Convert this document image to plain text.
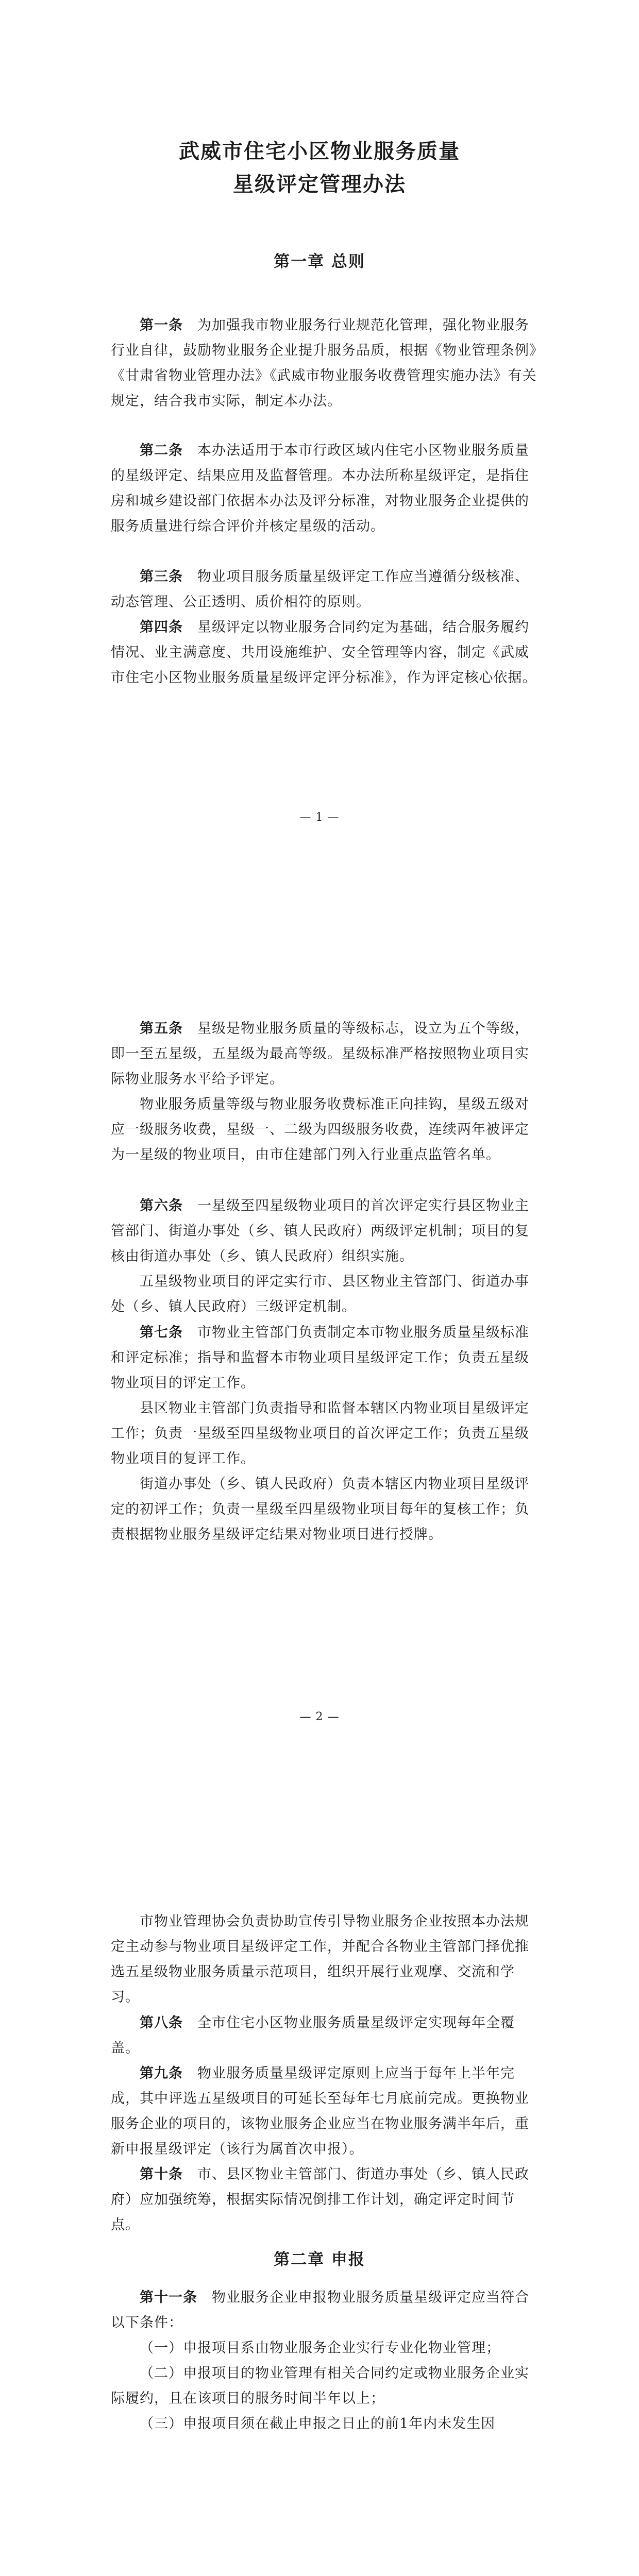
武威市住宅小区物业服务质量
星级评定管理办法
第一章 总则

第一条　 为加强我市物业服务行业规范化管理，强化物业服务行业自律，鼓励物业服务企业提升服务品质，根据《物业管理条例》《甘肃省物业管理办法》《武威市物业服务收费管理实施办法》有关规定，结合我市实际，制定本办法。

第二条　 本办法适用于本市行政区域内住宅小区物业服务质量的星级评定、结果应用及监督管理。本办法所称星级评定，是指住房和城乡建设部门依据本办法及评分标准，对物业服务企业提供的服务质量进行综合评价并核定星级的活动。

第三条　 物业项目服务质量星级评定工作应当遵循分级核准、动态管理、公正透明、质价相符的原则。

第四条　 星级评定以物业服务合同约定为基础，结合服务履约情况、业主满意度、共用设施维护、安全管理等内容，制定《武威市住宅小区物业服务质量星级评定评分标准》，作为评定核心依据。

— 1 —

第五条　 星级是物业服务质量的等级标志，设立为五个等级，即一至五星级，五星级为最高等级。星级标准严格按照物业项目实际物业服务水平给予评定。

物业服务质量等级与物业服务收费标准正向挂钩，星级五级对应一级服务收费，星级一、二级为四级服务收费，连续两年被评定为一星级的物业项目，由市住建部门列入行业重点监管名单。

第六条　 一星级至四星级物业项目的首次评定实行县区物业主管部门、街道办事处（乡、镇人民政府）两级评定机制；项目的复核由街道办事处（乡、镇人民政府）组织实施。

五星级物业项目的评定实行市、县区物业主管部门、街道办事处（乡、镇人民政府）三级评定机制。

第七条　 市物业主管部门负责制定本市物业服务质量星级标准和评定标准；指导和监督本市物业项目星级评定工作；负责五星级物业项目的评定工作。

县区物业主管部门负责指导和监督本辖区内物业项目星级评定工作；负责一星级至四星级物业项目的首次评定工作；负责五星级物业项目的复评工作。

街道办事处（乡、镇人民政府）负责本辖区内物业项目星级评定的初评工作；负责一星级至四星级物业项目每年的复核工作；负责根据物业服务星级评定结果对物业项目进行授牌。

— 2 —

市物业管理协会负责协助宣传引导物业服务企业按照本办法规定主动参与物业项目星级评定工作，并配合各物业主管部门择优推选五星级物业服务质量示范项目，组织开展行业观摩、交流和学习。

第八条　 全市住宅小区物业服务质量星级评定实现每年全覆盖。

第九条　 物业服务质量星级评定原则上应当于每年上半年完成，其中评选五星级项目的可延长至每年七月底前完成。更换物业服务企业的项目的，该物业服务企业应当在物业服务满半年后，重新申报星级评定（该行为属首次申报）。

第十条　 市、县区物业主管部门、街道办事处（乡、镇人民政府）应加强统筹，根据实际情况倒排工作计划，确定评定时间节点。

第二章 申报

第十一条　 物业服务企业申报物业服务质量星级评定应当符合以下条件：

（一）申报项目系由物业服务企业实行专业化物业管理；

（二）申报项目的物业管理有相关合同约定或物业服务企业实际履约，且在该项目的服务时间半年以上；

（三）申报项目须在截止申报之日止的前1年内未发生因
